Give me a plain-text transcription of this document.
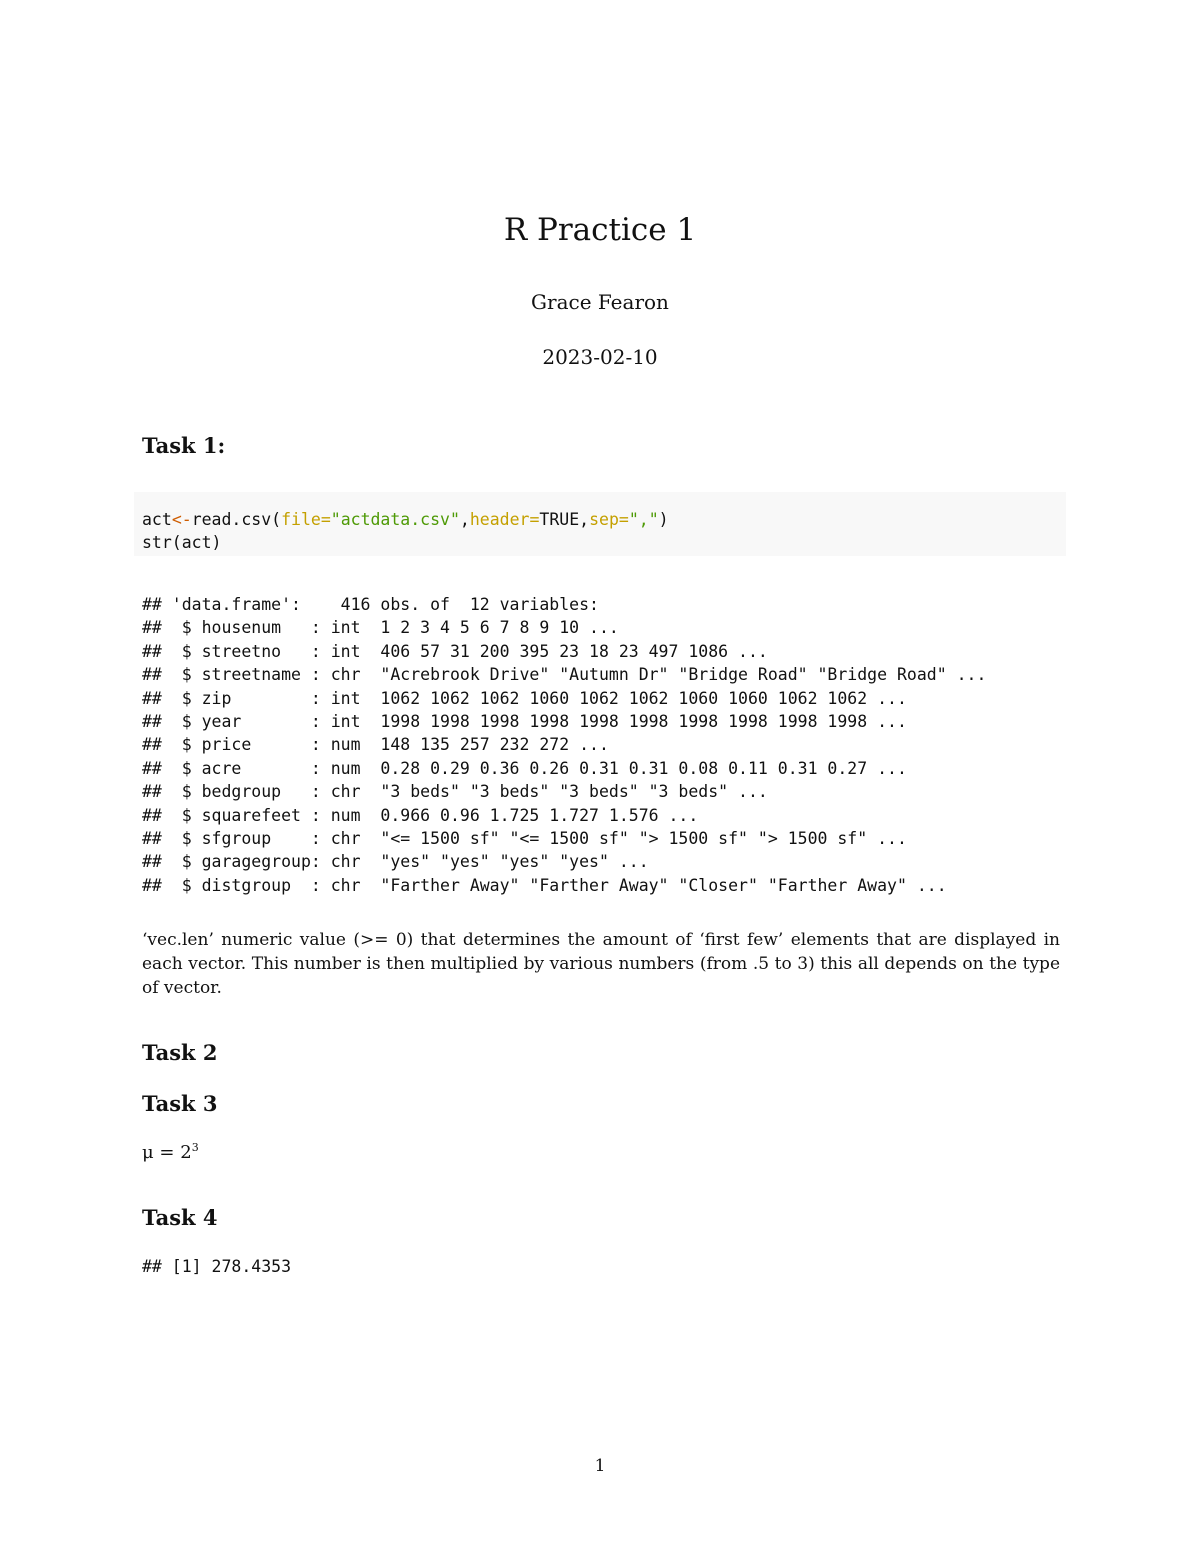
R Practice 1
Grace Fearon
2023-02-10
Task 1:
act<-read.csv(file="actdata.csv",header=TRUE,sep=",")
str(act)
## 'data.frame':    416 obs. of  12 variables:
##  $ housenum   : int  1 2 3 4 5 6 7 8 9 10 ...
##  $ streetno   : int  406 57 31 200 395 23 18 23 497 1086 ...
##  $ streetname : chr  "Acrebrook Drive" "Autumn Dr" "Bridge Road" "Bridge Road" ...
##  $ zip        : int  1062 1062 1062 1060 1062 1062 1060 1060 1062 1062 ...
##  $ year       : int  1998 1998 1998 1998 1998 1998 1998 1998 1998 1998 ...
##  $ price      : num  148 135 257 232 272 ...
##  $ acre       : num  0.28 0.29 0.36 0.26 0.31 0.31 0.08 0.11 0.31 0.27 ...
##  $ bedgroup   : chr  "3 beds" "3 beds" "3 beds" "3 beds" ...
##  $ squarefeet : num  0.966 0.96 1.725 1.727 1.576 ...
##  $ sfgroup    : chr  "<= 1500 sf" "<= 1500 sf" "> 1500 sf" "> 1500 sf" ...
##  $ garagegroup: chr  "yes" "yes" "yes" "yes" ...
##  $ distgroup  : chr  "Farther Away" "Farther Away" "Closer" "Farther Away" ...

‘vec.len’ numeric value (>= 0) that determines the amount of ‘first few’ elements that are displayed in each vector. This number is then multiplied by various numbers (from .5 to 3) this all depends on the type of vector.

Task 2
Task 3
$\mu = 2^3$
Task 4
## [1] 278.4353
1
